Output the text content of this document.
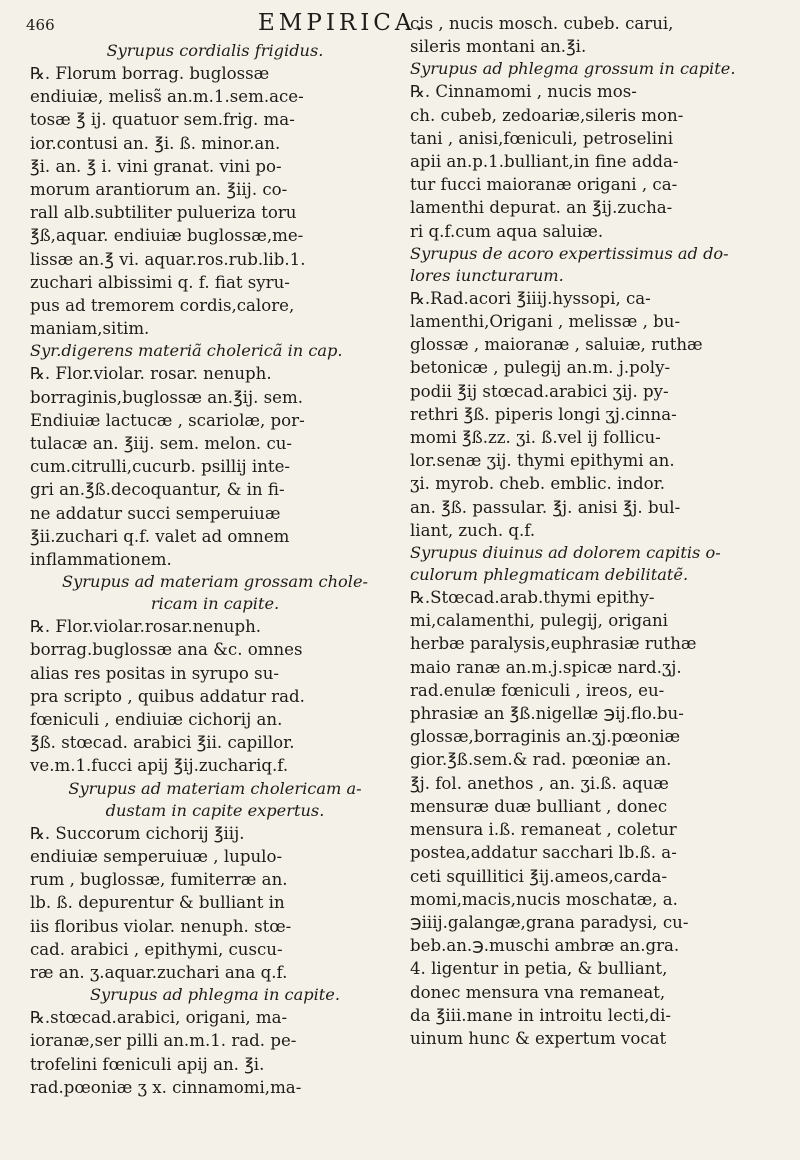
466	EMPIRICA.

Syrupus cordialis frigidus.

℞. Florum borrag. buglossæ
endiuiæ, meliss̃ an.m.1.sem.ace-
tosæ ℥ ij. quatuor sem.frig. ma-
ior.contusi an. ℥i. ß. minor.an.
℥i. an. ℥ i. vini granat. vini po-
morum arantiorum an. ℥iij. co-
rall alb.subtiliter pulueriza toru
℥ß,aquar. endiuiæ buglossæ,me-
lissæ an.℥ vi. aquar.ros.rub.lib.1.
zuchari albissimi q. f. fiat syru-
pus ad tremorem cordis,calore,
maniam,sitim.

Syr.digerens materiã cholericã in cap.

℞. Flor.violar. rosar. nenuph.
borraginis,buglossæ an.℥ij. sem.
Endiuiæ lactucæ , scariolæ, por-
tulacæ an. ℥iij. sem. melon. cu-
cum.citrulli,cucurb. psillij inte-
gri an.℥ß.decoquantur, & in fi-
ne addatur succi semperuiuæ
℥ii.zuchari q.f. valet ad omnem
inflammationem.

Syrupus ad materiam grossam chole-
ricam in capite.

℞. Flor.violar.rosar.nenuph.
borrag.buglossæ ana &c. omnes
alias res positas in syrupo su-
pra scripto , quibus addatur rad.
fœniculi , endiuiæ cichorij an.
℥ß. stœcad. arabici ℥ii. capillor.
ve.m.1.fucci apij ℥ij.zuchariq.f.

Syrupus ad materiam cholericam a-
dustam in capite expertus.

℞. Succorum cichorij ℥iij.
endiuiæ semperuiuæ , lupulo-
rum , buglossæ, fumiterræ an.
lb. ß. depurentur & bulliant in
iis floribus violar. nenuph. stœ-
cad. arabici , epithymi, cuscu-
ræ an. ʒ.aquar.zuchari ana q.f.

Syrupus ad phlegma in capite.

℞.stœcad.arabici, origani, ma-
ioranæ,ser pilli an.m.1. rad. pe-
trofelini fœniculi apij an. ℥i.
rad.pœoniæ ʒ x. cinnamomi,ma-

cis , nucis mosch. cubeb. carui,
sileris montani an.℥i.

Syrupus ad phlegma grossum in capite.

℞. Cinnamomi , nucis mos-
ch. cubeb, zedoariæ,sileris mon-
tani , anisi,fœniculi, petroselini
apii an.p.1.bulliant,in fine adda-
tur fucci maioranæ origani , ca-
lamenthi depurat. an ℥ij.zucha-
ri q.f.cum aqua saluiæ.

Syrupus de acoro expertissimus ad do-
lores iuncturarum.

℞.Rad.acori ℥iiij.hyssopi, ca-
lamenthi,Origani , melissæ , bu-
glossæ , maioranæ , saluiæ, ruthæ
betonicæ , pulegij an.m. j.poly-
podii ℥ij stœcad.arabici ʒij. py-
rethri ℥ß. piperis longi ʒj.cinna-
momi ℥ß.zz. ʒi. ß.vel ij follicu-
lor.senæ ʒij. thymi epithymi an.
ʒi. myrob. cheb. emblic. indor.
an. ℥ß. passular. ℥j. anisi ℥j. bul-
liant, zuch. q.f.

Syrupus diuinus ad dolorem capitis o-
culorum phlegmaticam debilitatẽ.

℞.Stœcad.arab.thymi epithy-
mi,calamenthi, pulegij, origani
herbæ paralysis,euphrasiæ ruthæ
maio ranæ an.m.j.spicæ nard.ʒj.
rad.enulæ fœniculi , ireos, eu-
phrasiæ an ℥ß.nigellæ ℈ij.flo.bu-
glossæ,borraginis an.ʒj.pœoniæ
gior.℥ß.sem.& rad. pœoniæ an.
℥j. fol. anethos , an. ʒi.ß. aquæ
mensuræ duæ bulliant , donec
mensura i.ß. remaneat , coletur
postea,addatur sacchari lb.ß. a-
ceti squillitici ℥ij.ameos,carda-
momi,macis,nucis moschatæ, a.
℈iiij.galangæ,grana paradysi, cu-
beb.an.℈.muschi ambræ an.gra.
4. ligentur in petia, & bulliant,
donec mensura vna remaneat,
da ℥iii.mane in introitu lecti,di-
uinum hunc & expertum vocat
